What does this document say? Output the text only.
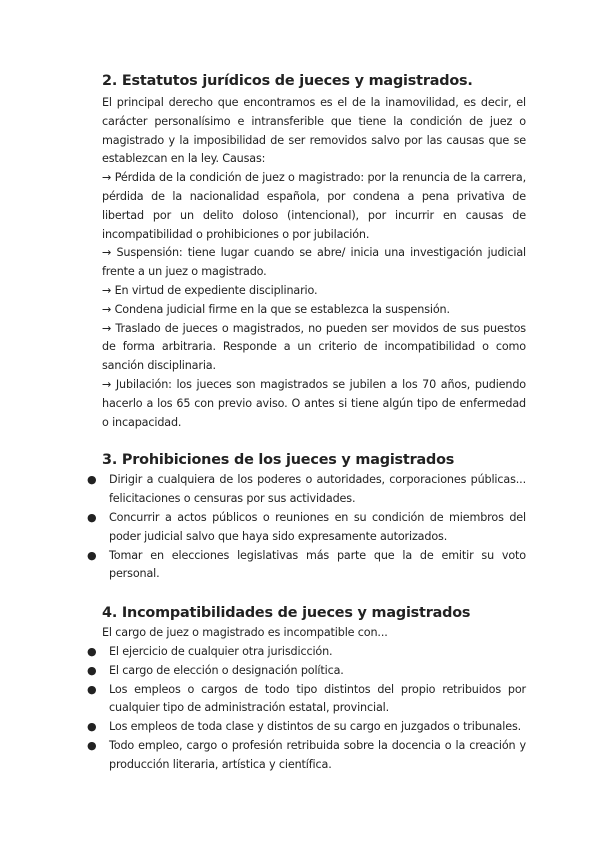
2. Estatutos jurídicos de jueces y magistrados.

El principal derecho que encontramos es el de la inamovilidad, es decir, el carácter personalísimo e intransferible que tiene la condición de juez o magistrado y la imposibilidad de ser removidos salvo por las causas que se establezcan en la ley. Causas:

→ Pérdida de la condición de juez o magistrado: por la renuncia de la carrera, pérdida de la nacionalidad española, por condena a pena privativa de libertad por un delito doloso (intencional), por incurrir en causas de incompatibilidad o prohibiciones o por jubilación.

→ Suspensión: tiene lugar cuando se abre/ inicia una investigación judicial frente a un juez o magistrado.

→ En virtud de expediente disciplinario.

→ Condena judicial firme en la que se establezca la suspensión.

→ Traslado de jueces o magistrados, no pueden ser movidos de sus puestos de forma arbitraria. Responde a un criterio de incompatibilidad o como sanción disciplinaria.

→ Jubilación: los jueces son magistrados se jubilen a los 70 años, pudiendo hacerlo a los 65 con previo aviso. O antes si tiene algún tipo de enfermedad o incapacidad.

3. Prohibiciones de los jueces y magistrados
● Dirigir a cualquiera de los poderes o autoridades, corporaciones públicas... felicitaciones o censuras por sus actividades.
● Concurrir a actos públicos o reuniones en su condición de miembros del poder judicial salvo que haya sido expresamente autorizados.
● Tomar en elecciones legislativas más parte que la de emitir su voto personal.
4. Incompatibilidades de jueces y magistrados

El cargo de juez o magistrado es incompatible con...

● El ejercicio de cualquier otra jurisdicción.
● El cargo de elección o designación política.
● Los empleos o cargos de todo tipo distintos del propio retribuidos por cualquier tipo de administración estatal, provincial.
● Los empleos de toda clase y distintos de su cargo en juzgados o tribunales.
● Todo empleo, cargo o profesión retribuida sobre la docencia o la creación y producción literaria, artística y científica.
